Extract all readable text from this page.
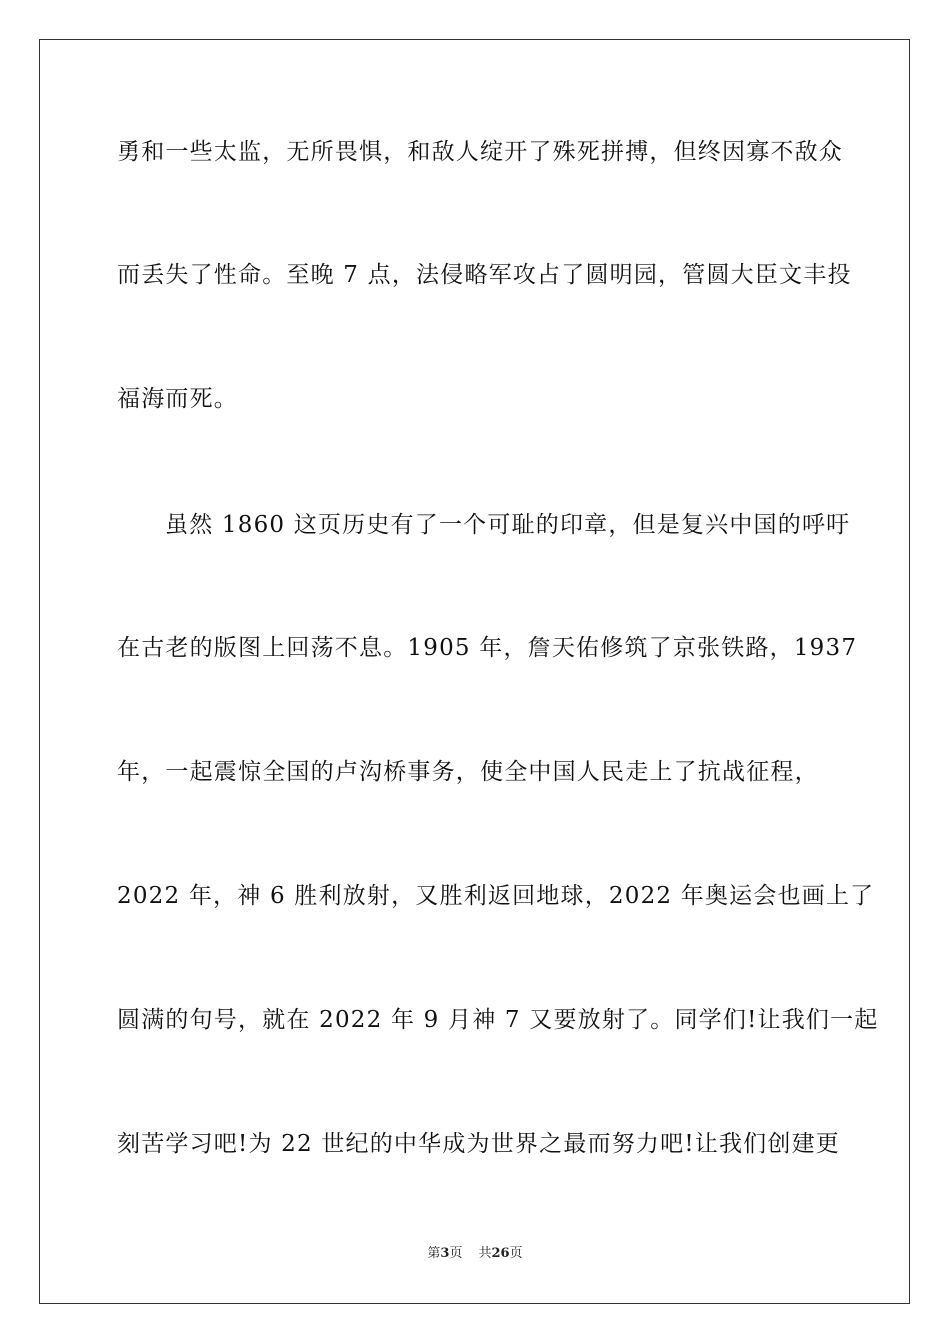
勇和一些太监，无所畏惧，和敌人绽开了殊死拼搏，但终因寡不敌众
而丢失了性命。至晚 7 点，法侵略军攻占了圆明园，管圆大臣文丰投
福海而死。
虽然 1860 这页历史有了一个可耻的印章，但是复兴中国的呼吁
在古老的版图上回荡不息。1905 年，詹天佑修筑了京张铁路，1937
年，一起震惊全国的卢沟桥事务，使全中国人民走上了抗战征程，
2022 年，神 6 胜利放射，又胜利返回地球，2022 年奥运会也画上了
圆满的句号，就在 2022 年 9 月神 7 又要放射了。同学们!让我们一起
刻苦学习吧!为 22 世纪的中华成为世界之最而努力吧!让我们创建更
第3页 共26页
